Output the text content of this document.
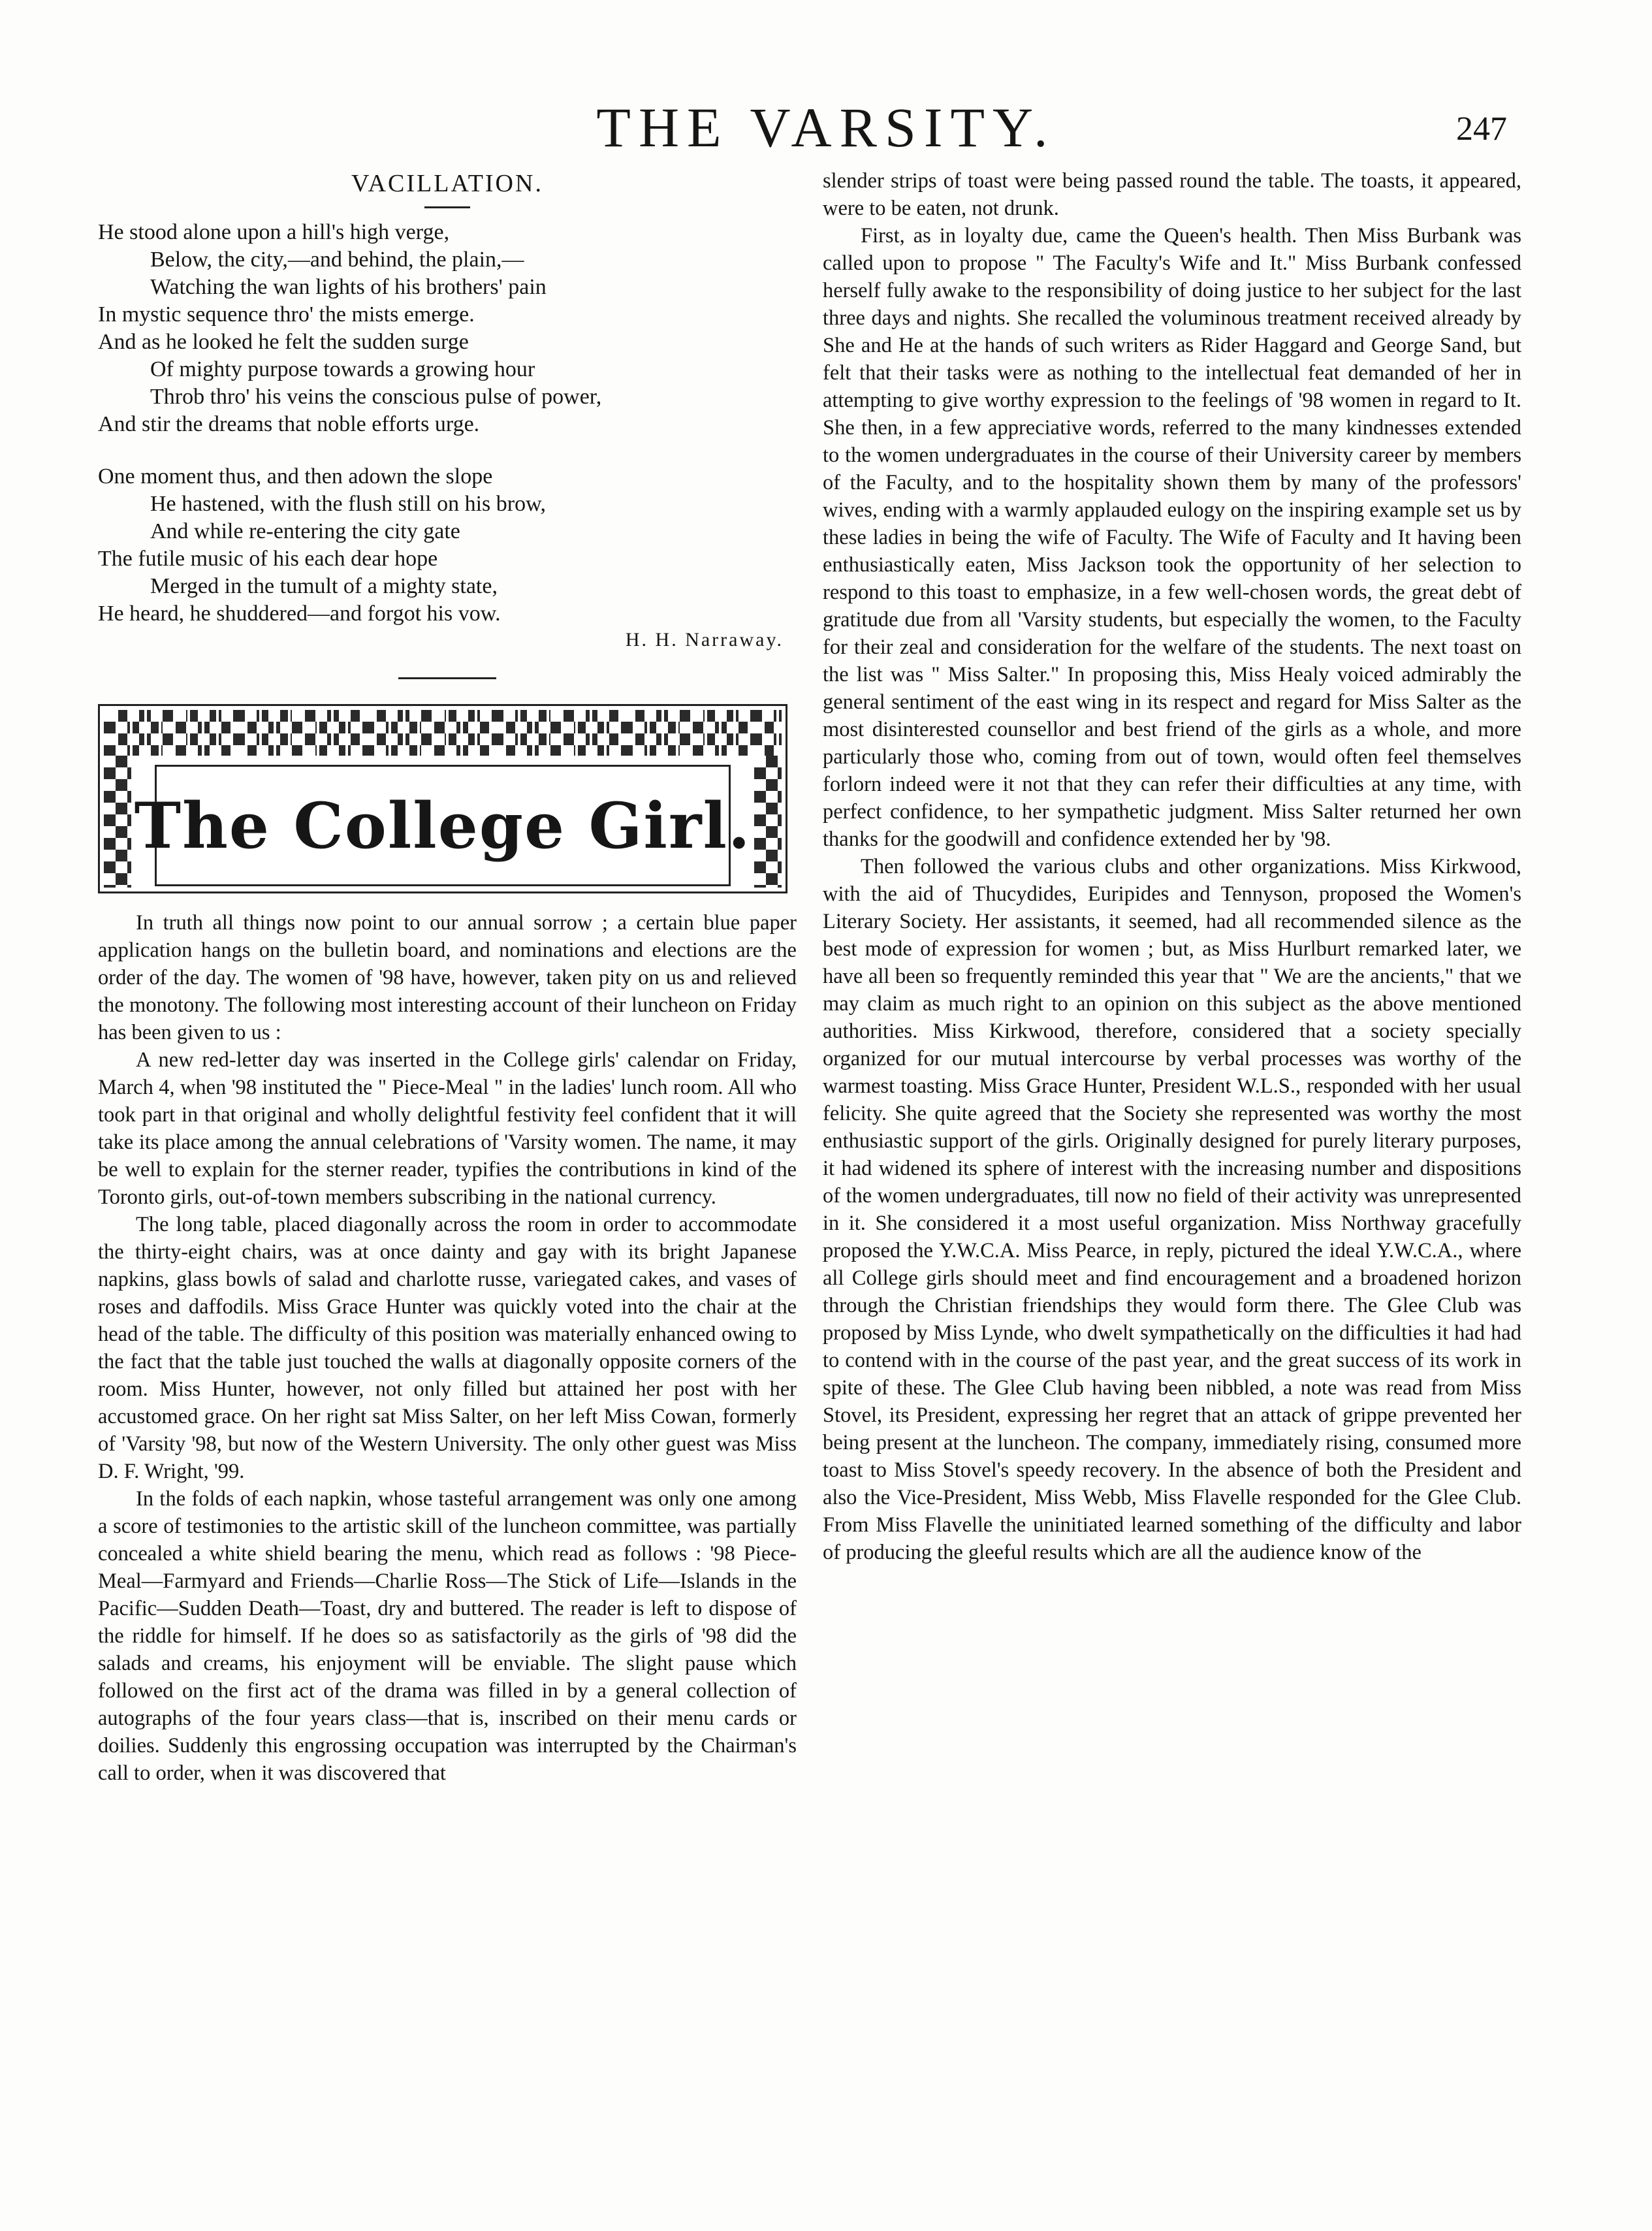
THE VARSITY.	247
VACILLATION.
He stood alone upon a hill's high verge,
Below, the city,—and behind, the plain,—
Watching the wan lights of his brothers' pain
In mystic sequence thro' the mists emerge.
And as he looked he felt the sudden surge
Of mighty purpose towards a growing hour
Throb thro' his veins the conscious pulse of power,
And stir the dreams that noble efforts urge.
One moment thus, and then adown the slope
He hastened, with the flush still on his brow,
And while re-entering the city gate
The futile music of his each dear hope
Merged in the tumult of a mighty state,
He heard, he shuddered—and forgot his vow.
H. H. Narraway.
The College Girl.

In truth all things now point to our annual sorrow ; a certain blue paper application hangs on the bulletin board, and nominations and elections are the order of the day. The women of '98 have, however, taken pity on us and relieved the monotony. The following most interesting account of their luncheon on Friday has been given to us :

A new red-letter day was inserted in the College girls' calendar on Friday, March 4, when '98 instituted the " Piece-Meal " in the ladies' lunch room. All who took part in that original and wholly delightful festivity feel confident that it will take its place among the annual celebrations of 'Varsity women. The name, it may be well to explain for the sterner reader, typifies the contributions in kind of the Toronto girls, out-of-town members subscribing in the national currency.

The long table, placed diagonally across the room in order to accommodate the thirty-eight chairs, was at once dainty and gay with its bright Japanese napkins, glass bowls of salad and charlotte russe, variegated cakes, and vases of roses and daffodils. Miss Grace Hunter was quickly voted into the chair at the head of the table. The difficulty of this position was materially enhanced owing to the fact that the table just touched the walls at diagonally opposite corners of the room. Miss Hunter, however, not only filled but attained her post with her accustomed grace. On her right sat Miss Salter, on her left Miss Cowan, formerly of 'Varsity '98, but now of the Western University. The only other guest was Miss D. F. Wright, '99.

In the folds of each napkin, whose tasteful arrangement was only one among a score of testimonies to the artistic skill of the luncheon committee, was partially concealed a white shield bearing the menu, which read as follows : '98 Piece-Meal—Farmyard and Friends—Charlie Ross—The Stick of Life—Islands in the Pacific—Sudden Death—Toast, dry and buttered. The reader is left to dispose of the riddle for himself. If he does so as satisfactorily as the girls of '98 did the salads and creams, his enjoyment will be enviable. The slight pause which followed on the first act of the drama was filled in by a general collection of autographs of the four years class—that is, inscribed on their menu cards or doilies. Suddenly this engrossing occupation was interrupted by the Chairman's call to order, when it was discovered that

slender strips of toast were being passed round the table. The toasts, it appeared, were to be eaten, not drunk.

First, as in loyalty due, came the Queen's health. Then Miss Burbank was called upon to propose " The Faculty's Wife and It." Miss Burbank confessed herself fully awake to the responsibility of doing justice to her subject for the last three days and nights. She recalled the voluminous treatment received already by She and He at the hands of such writers as Rider Haggard and George Sand, but felt that their tasks were as nothing to the intellectual feat demanded of her in attempting to give worthy expression to the feelings of '98 women in regard to It. She then, in a few appreciative words, referred to the many kindnesses extended to the women undergraduates in the course of their University career by members of the Faculty, and to the hospitality shown them by many of the professors' wives, ending with a warmly applauded eulogy on the inspiring example set us by these ladies in being the wife of Faculty. The Wife of Faculty and It having been enthusiastically eaten, Miss Jackson took the opportunity of her selection to respond to this toast to emphasize, in a few well-chosen words, the great debt of gratitude due from all 'Varsity students, but especially the women, to the Faculty for their zeal and consideration for the welfare of the students. The next toast on the list was " Miss Salter." In proposing this, Miss Healy voiced admirably the general sentiment of the east wing in its respect and regard for Miss Salter as the most disinterested counsellor and best friend of the girls as a whole, and more particularly those who, coming from out of town, would often feel themselves forlorn indeed were it not that they can refer their difficulties at any time, with perfect confidence, to her sympathetic judgment. Miss Salter returned her own thanks for the goodwill and confidence extended her by '98.

Then followed the various clubs and other organizations. Miss Kirkwood, with the aid of Thucydides, Euripides and Tennyson, proposed the Women's Literary Society. Her assistants, it seemed, had all recommended silence as the best mode of expression for women ; but, as Miss Hurlburt remarked later, we have all been so frequently reminded this year that " We are the ancients," that we may claim as much right to an opinion on this subject as the above mentioned authorities. Miss Kirkwood, therefore, considered that a society specially organized for our mutual intercourse by verbal processes was worthy of the warmest toasting. Miss Grace Hunter, President W.L.S., responded with her usual felicity. She quite agreed that the Society she represented was worthy the most enthusiastic support of the girls. Originally designed for purely literary purposes, it had widened its sphere of interest with the increasing number and dispositions of the women undergraduates, till now no field of their activity was unrepresented in it. She considered it a most useful organization. Miss Northway gracefully proposed the Y.W.C.A. Miss Pearce, in reply, pictured the ideal Y.W.C.A., where all College girls should meet and find encouragement and a broadened horizon through the Christian friendships they would form there. The Glee Club was proposed by Miss Lynde, who dwelt sympathetically on the difficulties it had had to contend with in the course of the past year, and the great success of its work in spite of these. The Glee Club having been nibbled, a note was read from Miss Stovel, its President, expressing her regret that an attack of grippe prevented her being present at the luncheon. The company, immediately rising, consumed more toast to Miss Stovel's speedy recovery. In the absence of both the President and also the Vice-President, Miss Webb, Miss Flavelle responded for the Glee Club. From Miss Flavelle the uninitiated learned something of the difficulty and labor of producing the gleeful results which are all the audience know of the
